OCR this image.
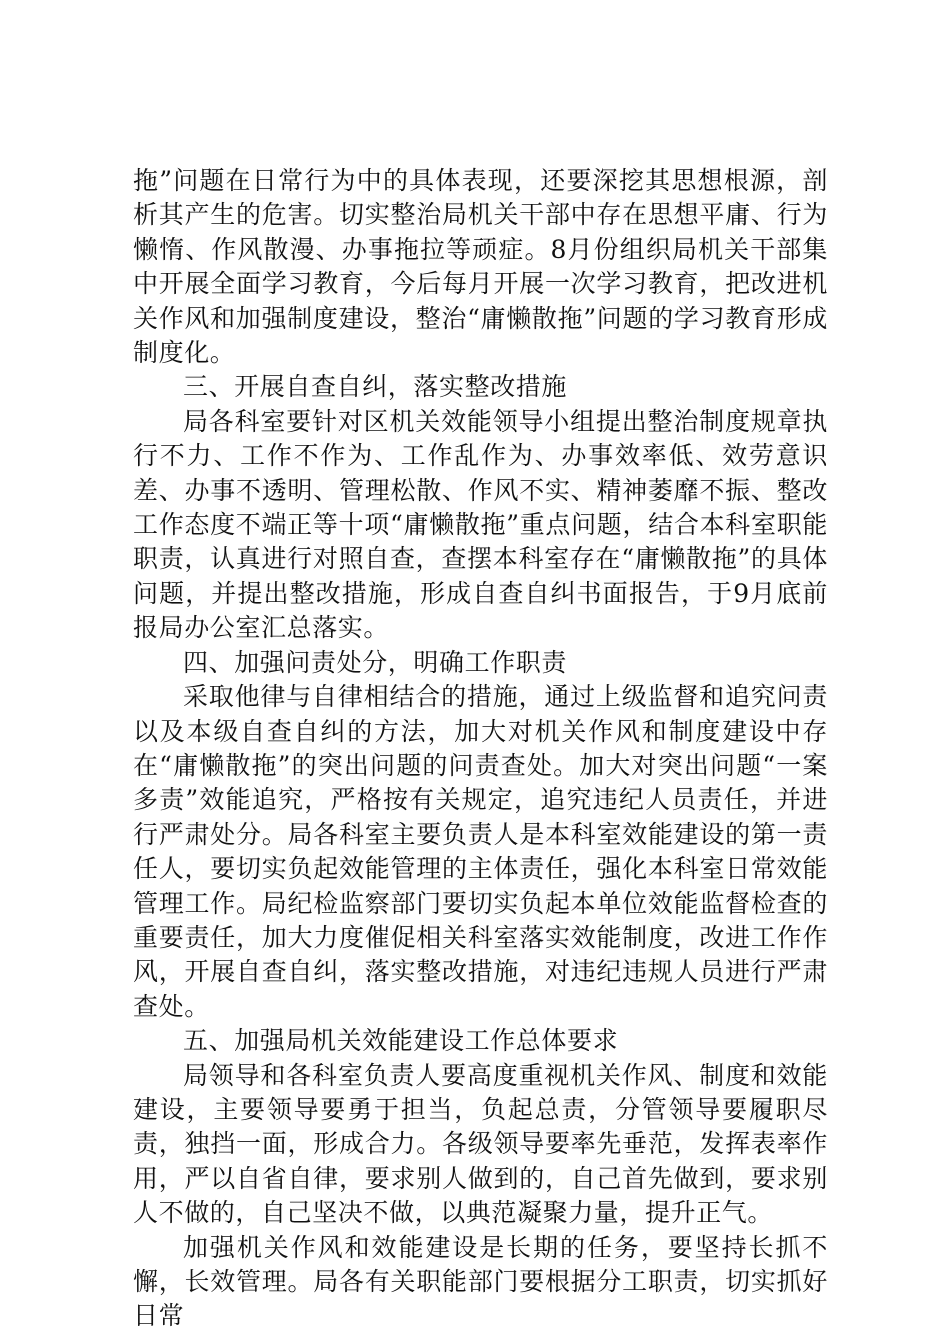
拖”问题在日常行为中的具体表现，还要深挖其思想根源，剖析其产生的危害。切实整治局机关干部中存在思想平庸、行为懒惰、作风散漫、办事拖拉等顽症。8月份组织局机关干部集中开展全面学习教育，今后每月开展一次学习教育，把改进机关作风和加强制度建设，整治“庸懒散拖”问题的学习教育形成制度化。

三、开展自查自纠，落实整改措施

局各科室要针对区机关效能领导小组提出整治制度规章执行不力、工作不作为、工作乱作为、办事效率低、效劳意识差、办事不透明、管理松散、作风不实、精神萎靡不振、整改工作态度不端正等十项“庸懒散拖”重点问题，结合本科室职能职责，认真进行对照自查，查摆本科室存在“庸懒散拖”的具体问题，并提出整改措施，形成自查自纠书面报告，于9月底前报局办公室汇总落实。

四、加强问责处分，明确工作职责

采取他律与自律相结合的措施，通过上级监督和追究问责以及本级自查自纠的方法，加大对机关作风和制度建设中存在“庸懒散拖”的突出问题的问责查处。加大对突出问题“一案多责”效能追究，严格按有关规定，追究违纪人员责任，并进行严肃处分。局各科室主要负责人是本科室效能建设的第一责任人，要切实负起效能管理的主体责任，强化本科室日常效能管理工作。局纪检监察部门要切实负起本单位效能监督检查的重要责任，加大力度催促相关科室落实效能制度，改进工作作风，开展自查自纠，落实整改措施，对违纪违规人员进行严肃查处。

五、加强局机关效能建设工作总体要求

局领导和各科室负责人要高度重视机关作风、制度和效能建设，主要领导要勇于担当，负起总责，分管领导要履职尽责，独挡一面，形成合力。各级领导要率先垂范，发挥表率作用，严以自省自律，要求别人做到的，自己首先做到，要求别人不做的，自己坚决不做，以典范凝聚力量，提升正气。

加强机关作风和效能建设是长期的任务，要坚持长抓不懈，长效管理。局各有关职能部门要根据分工职责，切实抓好日常
